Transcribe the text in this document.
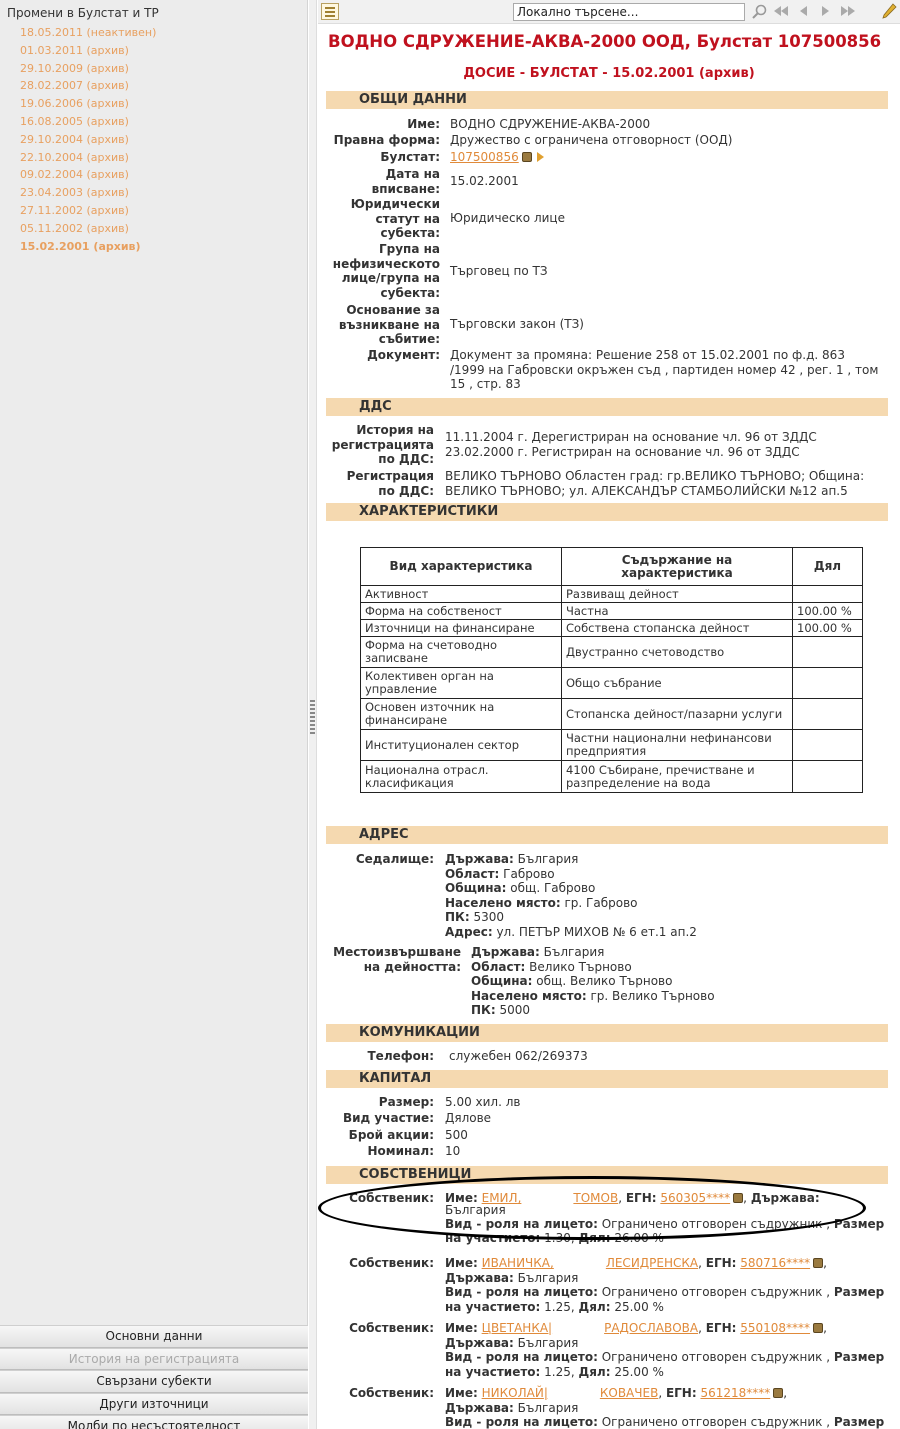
Промени в Булстат и ТР
18.05.2011 (неактивен)
01.03.2011 (архив)
29.10.2009 (архив)
28.02.2007 (архив)
19.06.2006 (архив)
16.08.2005 (архив)
29.10.2004 (архив)
22.10.2004 (архив)
09.02.2004 (архив)
23.04.2003 (архив)
27.11.2002 (архив)
05.11.2002 (архив)
15.02.2001 (архив)
Основни данни
История на регистрацията
Свързани субекти
Други източници
Молби по несъстоятелност
Локално търсене...
ВОДНО СДРУЖЕНИЕ-АКВА-2000 ООД, Булстат 107500856
ДОСИЕ - БУЛСТАТ - 15.02.2001 (архив)
ОБЩИ ДАННИ
Име: ВОДНО СДРУЖЕНИЕ-АКВА-2000
Правна форма: Дружество с ограничена отговорност (ООД)
Булстат: 107500856
Дата на
вписване:
15.02.2001
Юридически
статут на
субекта:
Юридическо лице
Група на
нефизическото
лице/група на
субекта:
Търговец по ТЗ
Основание за
възникване на
събитие:
Търговски закон (ТЗ)
Документ: Документ за промяна: Решение 258 от 15.02.2001 по ф.д. 863
/1999 на Габровски окръжен съд , партиден номер 42 , рег. 1 , том
15 , стр. 83
ДДС
История на
регистрацията
по ДДС:
11.11.2004 г. Дерегистриран на основание чл. 96 от ЗДДС
23.02.2000 г. Регистриран на основание чл. 96 от ЗДДС
Регистрация
по ДДС:
ВЕЛИКО ТЪРНОВО Областен град: гр.ВЕЛИКО ТЪРНОВО; Община:
ВЕЛИКО ТЪРНОВО; ул. АЛЕКСАНДЪР СТАМБОЛИЙСКИ №12 ап.5
ХАРАКТЕРИСТИКИ
Вид характеристика	Съдържание на характеристика	Дял
Активност	Развиващ дейност	
Форма на собственост	Частна	100.00 %
Източници на финансиране	Собствена стопанска дейност	100.00 %
Форма на счетоводно записване	Двустранно счетоводство	
Колективен орган на управление	Общо събрание	
Основен източник на финансиране	Стопанска дейност/пазарни услуги	
Институционален сектор	Частни национални нефинансови предприятия	
Национална отрасл. класификация	4100 Събиране, пречистване и разпределение на вода	
АДРЕС
Седалище: Държава: България
Област: Габрово
Община: общ. Габрово
Населено място: гр. Габрово
ПК: 5300
Адрес: ул. ПЕТЪР МИХОВ № 6 ет.1 ап.2
Местоизвършване
на дейността:
Държава: България
Област: Велико Търново
Община: общ. Велико Търново
Населено място: гр. Велико Търново
ПК: 5000
КОМУНИКАЦИИ
Телефон: служебен 062/269373
КАПИТАЛ
Размер: 5.00 хил. лв
Вид участие: Дялове
Брой акции: 500
Номинал: 10
СОБСТВЕНИЦИ
Собственик: Име: ЕМИЛ,	ТОМОВ, ЕГН: 560305**** , Държава:
България
Вид - роля на лицето: Ограничено отговорен съдружник , Размер
на участието: 1.30, Дял: 26.00 %
Собственик: Име: ИВАНИЧКА,	ЛЕСИДРЕНСКА, ЕГН: 580716**** ,
Държава: България
Вид - роля на лицето: Ограничено отговорен съдружник , Размер
на участието: 1.25, Дял: 25.00 %
Собственик: Име: ЦВЕТАНКА|	РАДОСЛАВОВА, ЕГН: 550108**** ,
Държава: България
Вид - роля на лицето: Ограничено отговорен съдружник , Размер
на участието: 1.25, Дял: 25.00 %
Собственик: Име: НИКОЛАЙ|	КОВАЧЕВ, ЕГН: 561218**** ,
Държава: България
Вид - роля на лицето: Ограничено отговорен съдружник , Размер
